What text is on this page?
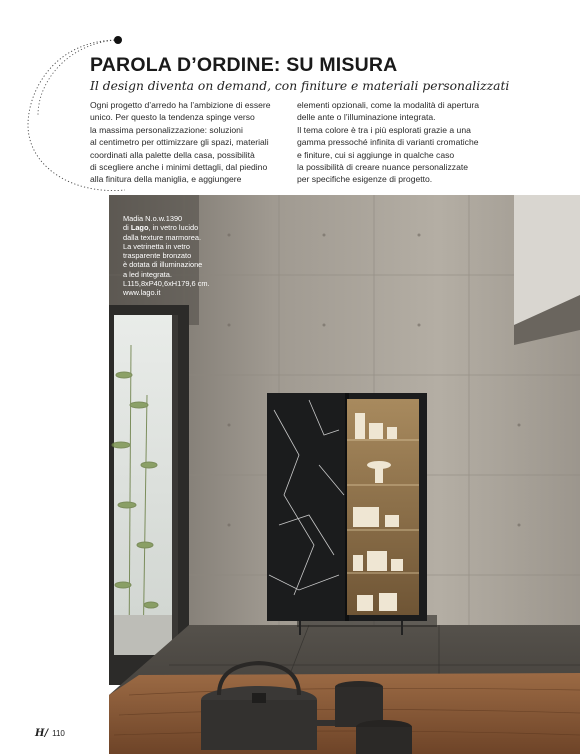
PAROLA D’ORDINE: SU MISURA
Il design diventa on demand, con finiture e materiali personalizzati

Ogni progetto d’arredo ha l’ambizione di essere

unico. Per questo la tendenza spinge verso

la massima personalizzazione: soluzioni

al centimetro per ottimizzare gli spazi, materiali

coordinati alla palette della casa, possibilità

di scegliere anche i minimi dettagli, dal piedino

alla finitura della maniglia, e aggiungere

elementi opzionali, come la modalità di apertura

delle ante o l’illuminazione integrata.

Il tema colore è tra i più esplorati grazie a una

gamma pressoché infinita di varianti cromatiche

e finiture, cui si aggiunge in qualche caso

la possibilità di creare nuance personalizzate

per specifiche esigenze di progetto.

Madia N.o.w.1390

di Lago, in vetro lucido

dalla texture marmorea.

La vetrinetta in vetro

trasparente bronzato

è dotata di illuminazione

a led integrata.

L115,8xP40,6xH179,6 cm.

www.lago.it

H/ 110
